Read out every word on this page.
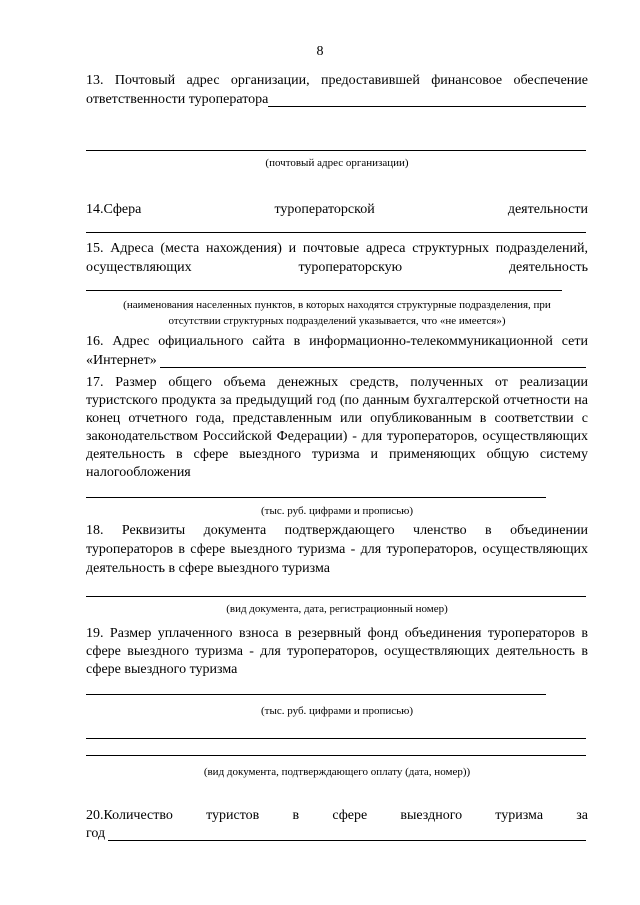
8
13. Почтовый адрес организации, предоставившей финансовое обеспечение
ответственности туроператора
(почтовый адрес организации)
14.Сфера	туроператорской	деятельности
15. Адреса (места нахождения) и почтовые адреса структурных подразделений,
осуществляющих	туроператорскую	деятельность
(наименования населенных пунктов, в которых находятся структурные подразделения, при
отсутствии структурных подразделений указывается, что «не имеется»)
16. Адрес официального сайта в информационно-телекоммуникационной сети
«Интернет»
17. Размер общего объема денежных средств, полученных от реализации туристского продукта за предыдущий год (по данным бухгалтерской отчетности на конец отчетного года, представленным или опубликованным в соответствии с законодательством Российской Федерации) - для туроператоров, осуществляющих деятельность в сфере выездного туризма и применяющих общую систему налогообложения
(тыс. руб. цифрами и прописью)
18. Реквизиты документа подтверждающего членство в объединении
туроператоров в сфере выездного туризма - для туроператоров, осуществляющих
деятельность в сфере выездного туризма
(вид документа, дата, регистрационный номер)
19. Размер уплаченного взноса в резервный фонд объединения туроператоров в сфере выездного туризма - для туроператоров, осуществляющих деятельность в сфере выездного туризма
(тыс. руб. цифрами и прописью)
(вид документа, подтверждающего оплату (дата, номер))
20.Количество туристов в сфере выездного туризма за
год
